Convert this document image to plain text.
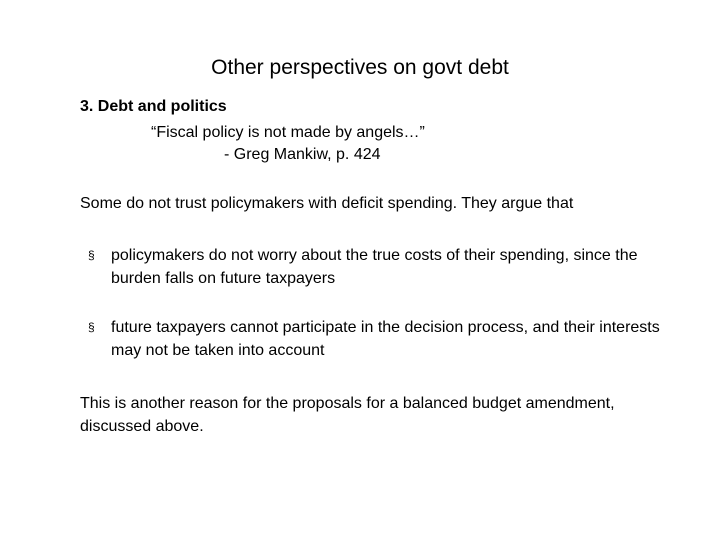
Other perspectives on govt debt
3. Debt and politics
“Fiscal policy is not made by angels…”
- Greg Mankiw, p. 424
Some do not trust policymakers with deficit spending. They argue that
§ policymakers do not worry about the true costs of their spending, since the burden falls on future taxpayers
§ future taxpayers cannot participate in the decision process, and their interests may not be taken into account
This is another reason for the proposals for a balanced budget amendment, discussed above.
